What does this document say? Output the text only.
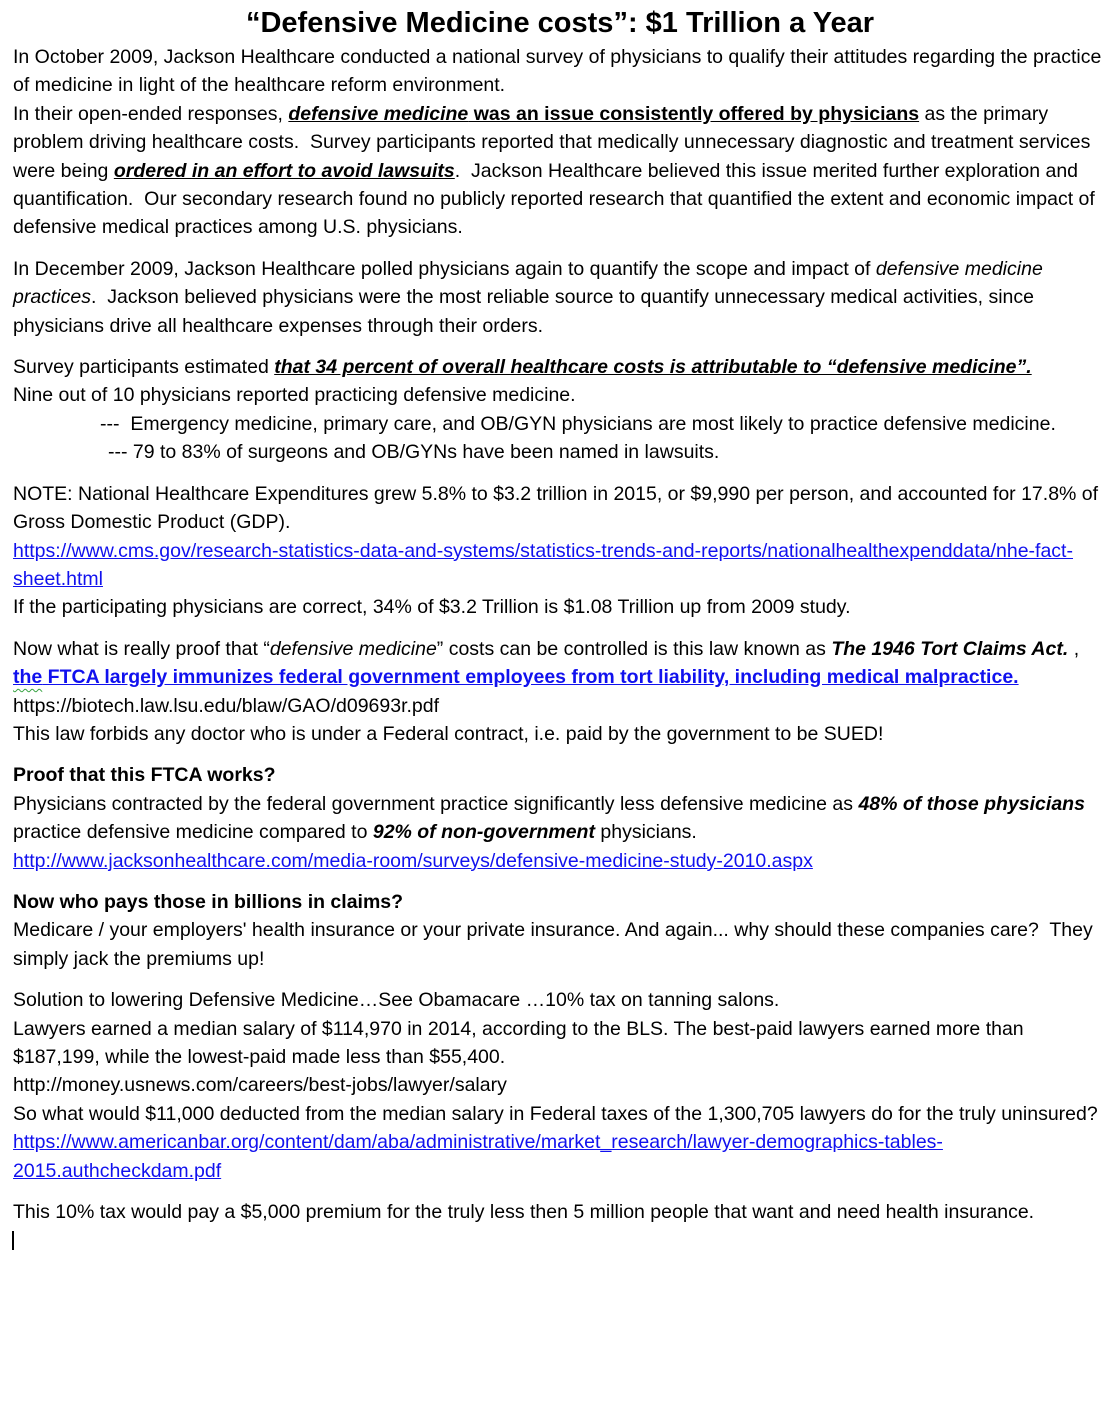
“Defensive Medicine costs”: $1 Trillion a Year
In October 2009, Jackson Healthcare conducted a national survey of physicians to qualify their attitudes regarding the practice of medicine in light of the healthcare reform environment.
In their open-ended responses, defensive medicine was an issue consistently offered by physicians as the primary problem driving healthcare costs.  Survey participants reported that medically unnecessary diagnostic and treatment services were being ordered in an effort to avoid lawsuits.  Jackson Healthcare believed this issue merited further exploration and quantification.  Our secondary research found no publicly reported research that quantified the extent and economic impact of defensive medical practices among U.S. physicians.
In December 2009, Jackson Healthcare polled physicians again to quantify the scope and impact of defensive medicine practices.  Jackson believed physicians were the most reliable source to quantify unnecessary medical activities, since physicians drive all healthcare expenses through their orders.
Survey participants estimated that 34 percent of overall healthcare costs is attributable to “defensive medicine”.
Nine out of 10 physicians reported practicing defensive medicine.
---  Emergency medicine, primary care, and OB/GYN physicians are most likely to practice defensive medicine.
--- 79 to 83% of surgeons and OB/GYNs have been named in lawsuits.
NOTE: National Healthcare Expenditures grew 5.8% to $3.2 trillion in 2015, or $9,990 per person, and accounted for 17.8% of Gross Domestic Product (GDP).
https://www.cms.gov/research-statistics-data-and-systems/statistics-trends-and-reports/nationalhealthexpenddata/nhe-fact-sheet.html
If the participating physicians are correct, 34% of $3.2 Trillion is $1.08 Trillion up from 2009 study.
Now what is really proof that “defensive medicine” costs can be controlled is this law known as The 1946 Tort Claims Act. , the FTCA largely immunizes federal government employees from tort liability, including medical malpractice. https://biotech.law.lsu.edu/blaw/GAO/d09693r.pdf
This law forbids any doctor who is under a Federal contract, i.e. paid by the government to be SUED!
Proof that this FTCA works?
Physicians contracted by the federal government practice significantly less defensive medicine as 48% of those physicians practice defensive medicine compared to 92% of non-government physicians.
http://www.jacksonhealthcare.com/media-room/surveys/defensive-medicine-study-2010.aspx
Now who pays those in billions in claims?
Medicare / your employers' health insurance or your private insurance. And again... why should these companies care?  They simply jack the premiums up!
Solution to lowering Defensive Medicine…See Obamacare …10% tax on tanning salons.
Lawyers earned a median salary of $114,970 in 2014, according to the BLS. The best-paid lawyers earned more than $187,199, while the lowest-paid made less than $55,400.
http://money.usnews.com/careers/best-jobs/lawyer/salary
So what would $11,000 deducted from the median salary in Federal taxes of the 1,300,705 lawyers do for the truly uninsured?
https://www.americanbar.org/content/dam/aba/administrative/market_research/lawyer-demographics-tables-2015.authcheckdam.pdf
This 10% tax would pay a $5,000 premium for the truly less then 5 million people that want and need health insurance.
